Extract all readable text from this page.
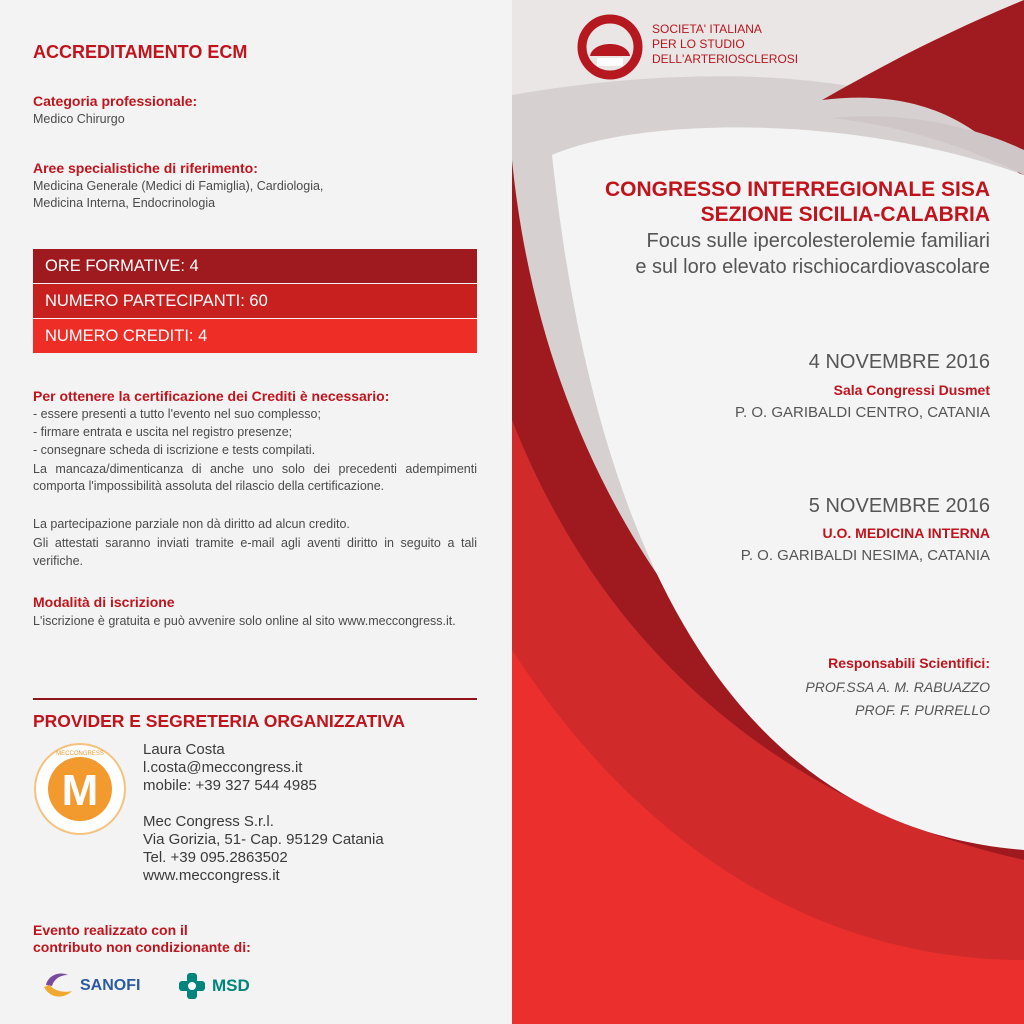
ACCREDITAMENTO ECM
Categoria professionale:
Medico Chirurgo
Aree specialistiche di riferimento:
Medicina Generale (Medici di Famiglia), Cardiologia,
Medicina Interna, Endocrinologia
ORE FORMATIVE: 4
NUMERO PARTECIPANTI: 60
NUMERO CREDITI: 4
Per ottenere la certificazione dei Crediti è necessario:
- essere presenti a tutto l'evento nel suo complesso;
- firmare entrata e uscita nel registro presenze;
- consegnare scheda di iscrizione e tests compilati.
La mancaza/dimenticanza di anche uno solo dei precedenti adempimenti comporta l'impossibilità assoluta del rilascio della certificazione.
La partecipazione parziale non dà diritto ad alcun credito.
Gli attestati saranno inviati tramite e-mail agli aventi diritto in seguito a tali verifiche.
Modalità di iscrizione
L'iscrizione è gratuita e può avvenire solo online al sito www.meccongress.it.
PROVIDER E SEGRETERIA ORGANIZZATIVA
M
MECCONGRESS	Laura Costa
l.costa@meccongress.it
mobile: +39 327 544 4985
Mec Congress S.r.l.
Via Gorizia, 51- Cap. 95129 Catania
Tel. +39 095.2863502
www.meccongress.it
Evento realizzato con il
contributo non condizionante di:
SANOFI	MSD
SOCIETA' ITALIANA
PER LO STUDIO
DELL'ARTERIOSCLEROSI
CONGRESSO INTERREGIONALE SISA
SEZIONE SICILIA-CALABRIA
Focus sulle ipercolesterolemie familiari
e sul loro elevato rischiocardiovascolare
4 NOVEMBRE 2016
Sala Congressi Dusmet
P. O. GARIBALDI CENTRO, CATANIA
5 NOVEMBRE 2016
U.O. MEDICINA INTERNA
P. O. GARIBALDI NESIMA, CATANIA
Responsabili Scientifici:
PROF.SSA A. M. RABUAZZO
PROF. F. PURRELLO
